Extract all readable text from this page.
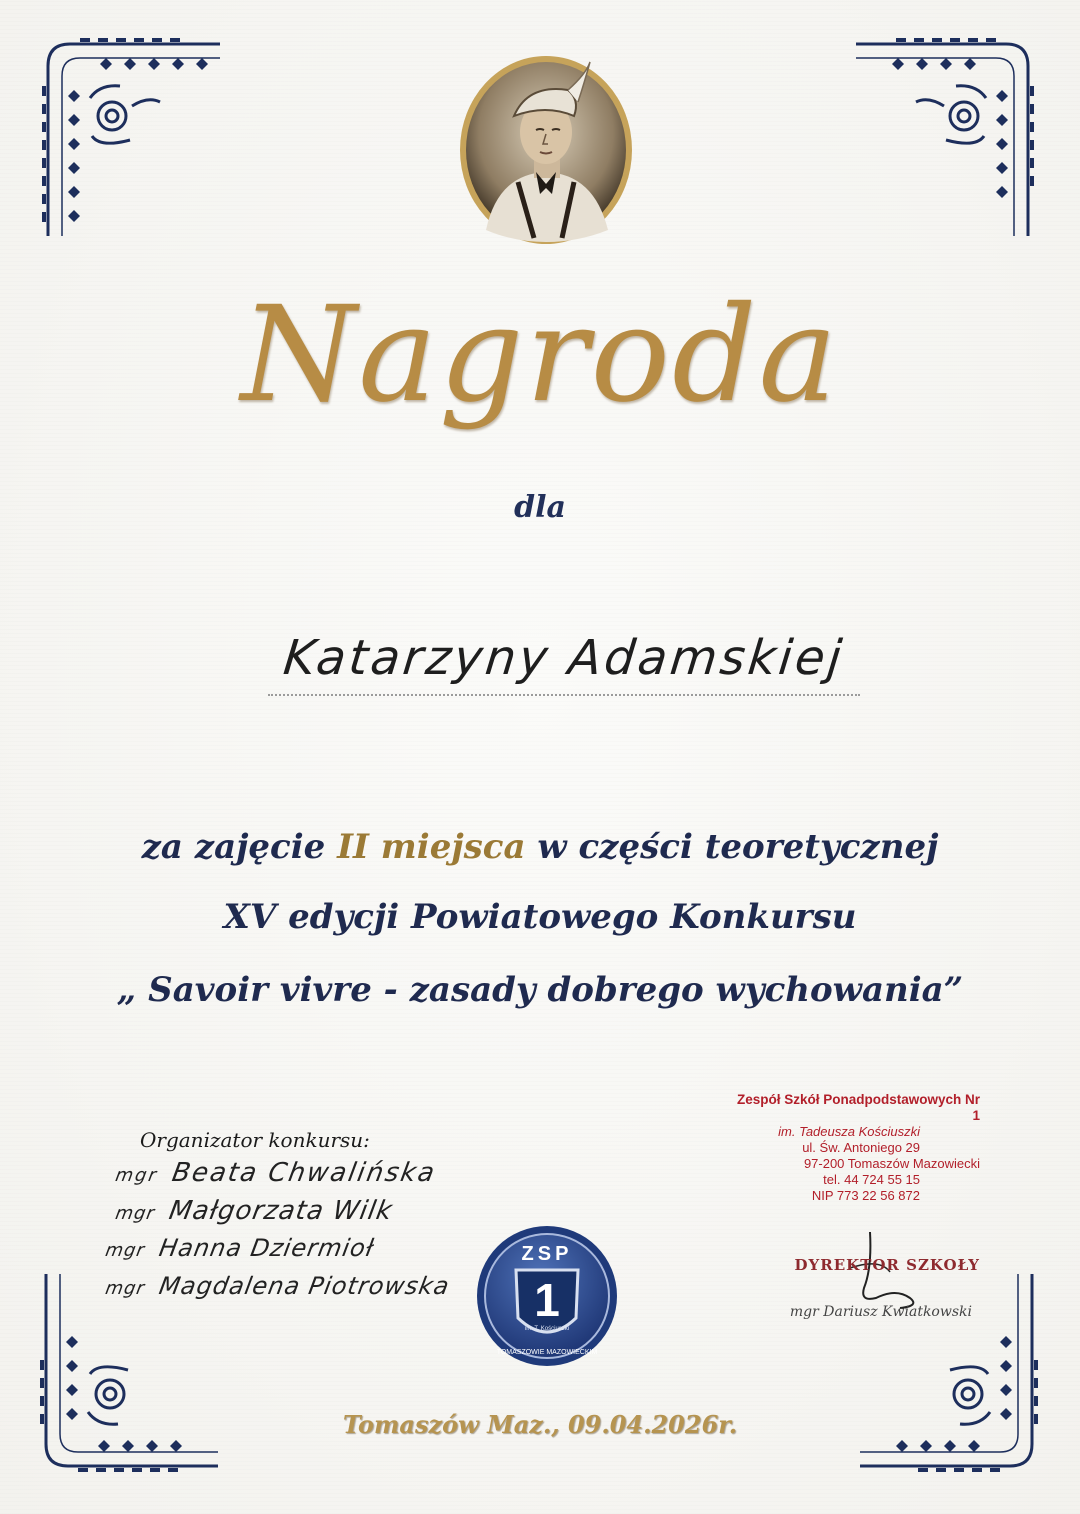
Nagroda
dla
Katarzyny Adamskiej
za zajęcie II miejsca w części teoretycznej
XV edycji Powiatowego Konkursu
„ Savoir vivre - zasady dobrego wychowania”
Zespół Szkół Ponadpodstawowych Nr 1
im. Tadeusza Kościuszki
ul. Św. Antoniego 29
97-200 Tomaszów Mazowiecki
tel. 44 724 55 15
NIP 773 22 56 872
Organizator konkursu:
mgr Beata Chwalińska
mgr Małgorzata Wilk
mgr Hanna Dziermioł
mgr Magdalena Piotrowska
ZSP
1
im. T. Kościuszki
TOMASZOWIE MAZOWIECKIM
DYREKTOR SZKOŁY
mgr Dariusz Kwiatkowski
Tomaszów Maz., 09.04.2026r.
